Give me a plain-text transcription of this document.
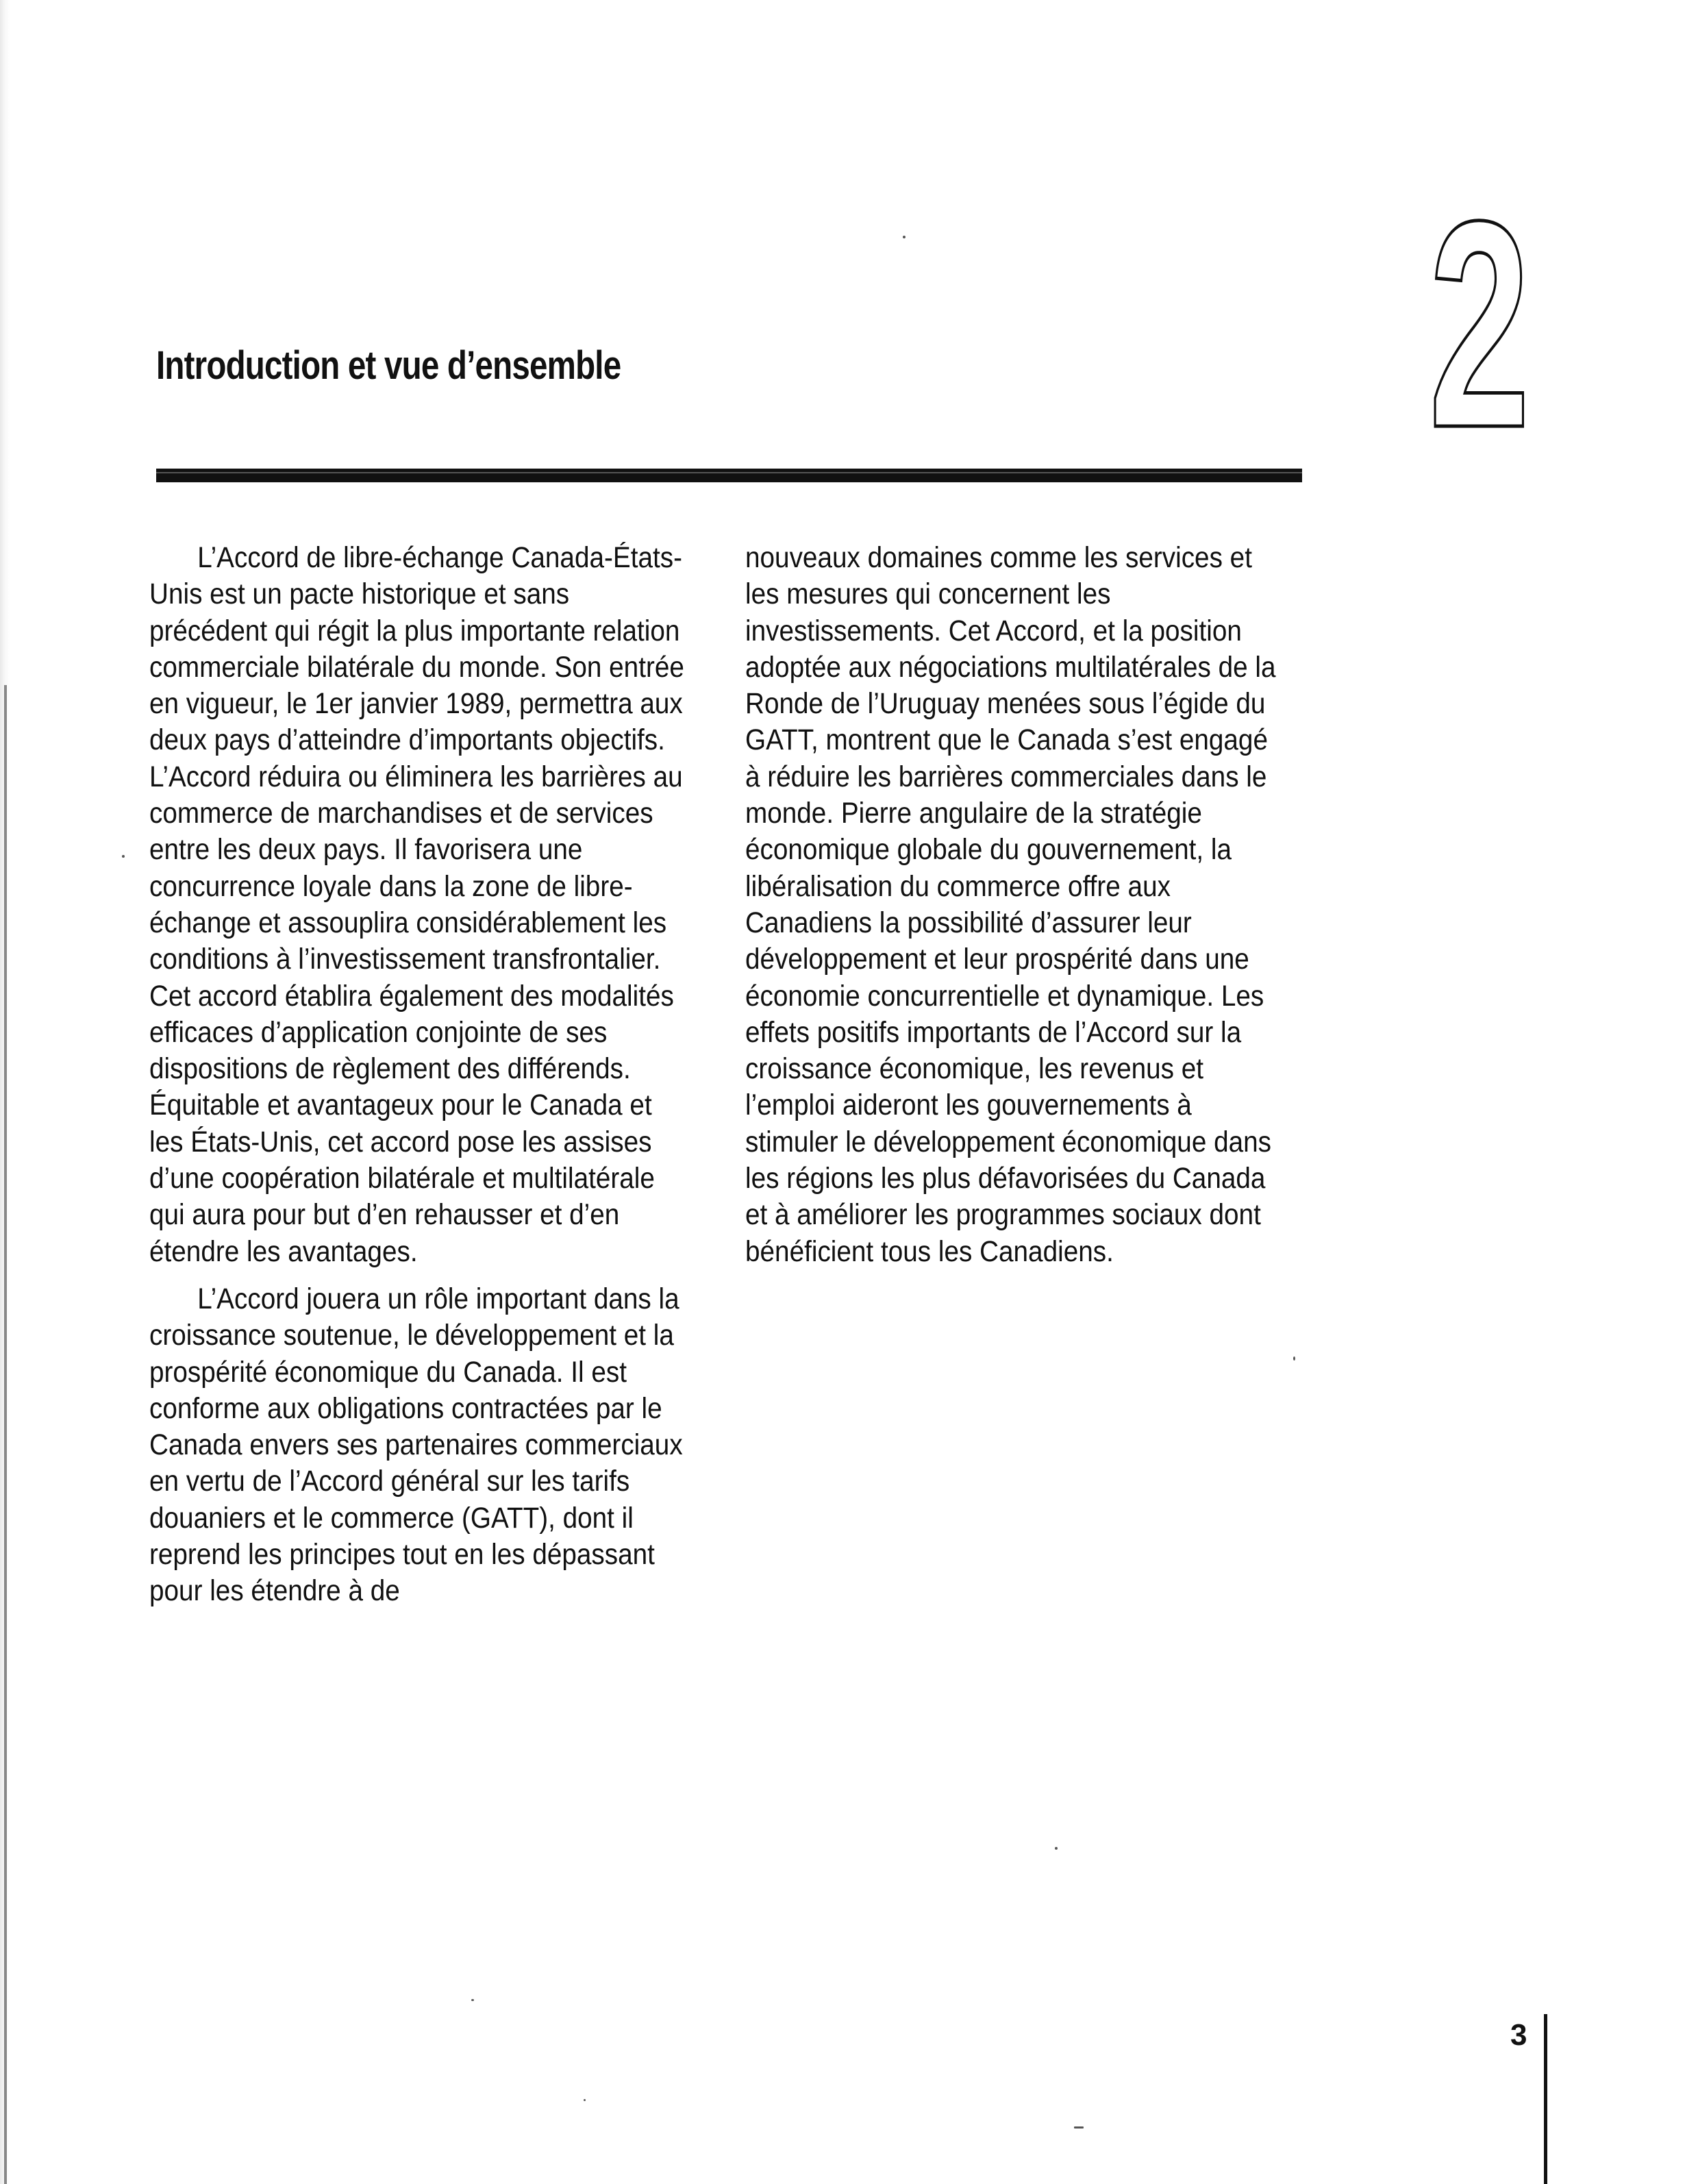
Introduction et vue d’ensemble	2

L’Accord de libre-échange Canada-États-Unis est un pacte historique et sans précédent qui régit la plus importante relation commerciale bilatérale du monde. Son entrée en vigueur, le 1er janvier 1989, permettra aux deux pays d’atteindre d’importants objectifs. L’Accord réduira ou éliminera les barrières au commerce de marchandises et de services entre les deux pays. Il favorisera une concurrence loyale dans la zone de libre-échange et assouplira considérablement les conditions à l’investissement transfrontalier. Cet accord établira également des modalités efficaces d’application conjointe de ses dispositions de règlement des différends. Équitable et avantageux pour le Canada et les États-Unis, cet accord pose les assises d’une coopération bilatérale et multilatérale qui aura pour but d’en rehausser et d’en étendre les avantages.

L’Accord jouera un rôle important dans la croissance soutenue, le développement et la prospérité économique du Canada. Il est conforme aux obligations contractées par le Canada envers ses partenaires commerciaux en vertu de l’Accord général sur les tarifs douaniers et le commerce (GATT), dont il reprend les principes tout en les dépassant pour les étendre à de

nouveaux domaines comme les services et les mesures qui concernent les investissements. Cet Accord, et la position adoptée aux négociations multilatérales de la Ronde de l’Uruguay menées sous l’égide du GATT, montrent que le Canada s’est engagé à réduire les barrières commerciales dans le monde. Pierre angulaire de la stratégie économique globale du gouvernement, la libéralisation du commerce offre aux Canadiens la possibilité d’assurer leur développement et leur prospérité dans une économie concurrentielle et dynamique. Les effets positifs importants de l’Accord sur la croissance économique, les revenus et l’emploi aideront les gouvernements à stimuler le développement économique dans les régions les plus défavorisées du Canada et à améliorer les programmes sociaux dont bénéficient tous les Canadiens.

3
